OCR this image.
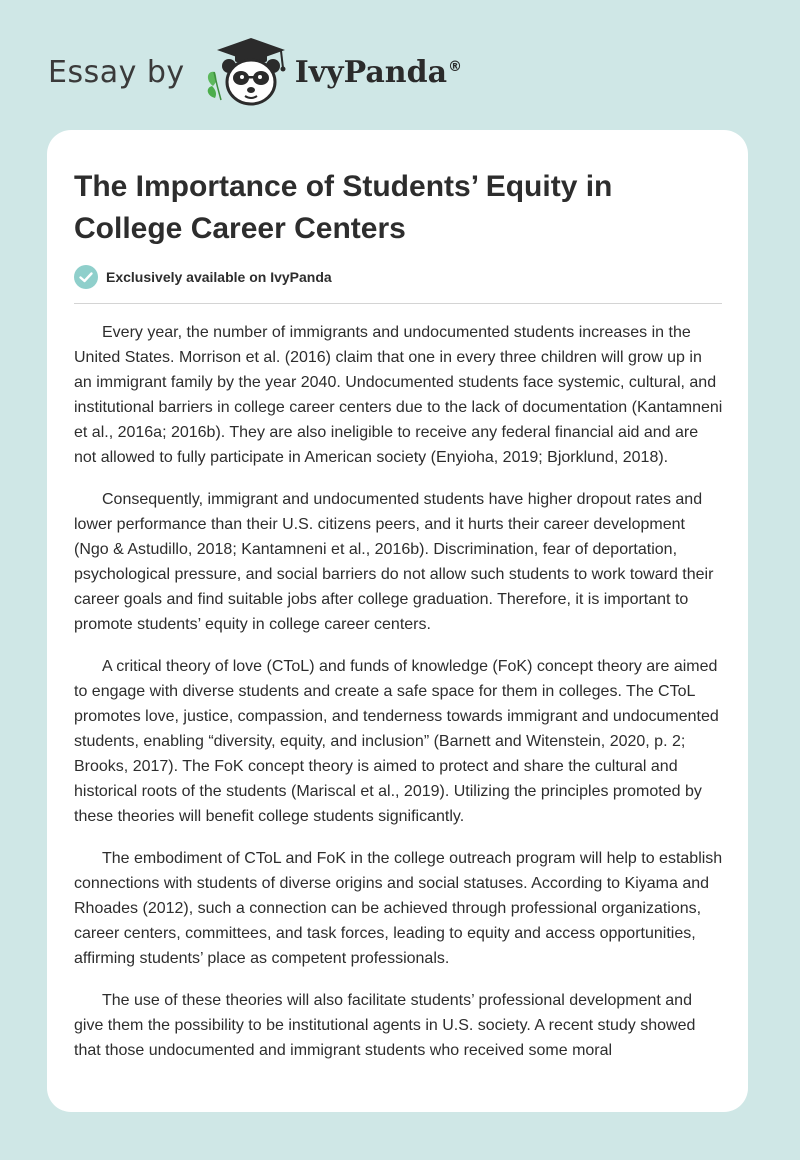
Essay by	IvyPanda®
The Importance of Students’ Equity in College Career Centers
Exclusively available on IvyPanda

Every year, the number of immigrants and undocumented students increases in the United States. Morrison et al. (2016) claim that one in every three children will grow up in an immigrant family by the year 2040. Undocumented students face systemic, cultural, and institutional barriers in college career centers due to the lack of documentation (Kantamneni et al., 2016a; 2016b). They are also ineligible to receive any federal financial aid and are not allowed to fully participate in American society (Enyioha, 2019; Bjorklund, 2018).

Consequently, immigrant and undocumented students have higher dropout rates and lower performance than their U.S. citizens peers, and it hurts their career development (Ngo & Astudillo, 2018; Kantamneni et al., 2016b). Discrimination, fear of deportation, psychological pressure, and social barriers do not allow such students to work toward their career goals and find suitable jobs after college graduation. Therefore, it is important to promote students’ equity in college career centers.

A critical theory of love (CToL) and funds of knowledge (FoK) concept theory are aimed to engage with diverse students and create a safe space for them in colleges. The CToL promotes love, justice, compassion, and tenderness towards immigrant and undocumented students, enabling “diversity, equity, and inclusion” (Barnett and Witenstein, 2020, p. 2; Brooks, 2017). The FoK concept theory is aimed to protect and share the cultural and historical roots of the students (Mariscal et al., 2019). Utilizing the principles promoted by these theories will benefit college students significantly.

The embodiment of CToL and FoK in the college outreach program will help to establish connections with students of diverse origins and social statuses. According to Kiyama and Rhoades (2012), such a connection can be achieved through professional organizations, career centers, committees, and task forces, leading to equity and access opportunities, affirming students’ place as competent professionals.

The use of these theories will also facilitate students’ professional development and give them the possibility to be institutional agents in U.S. society. A recent study showed that those undocumented and immigrant students who received some moral
